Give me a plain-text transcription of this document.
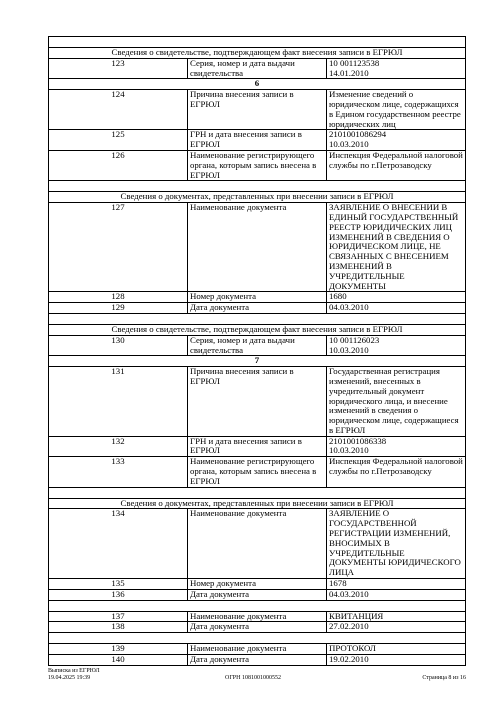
Сведения о свидетельстве, подтверждающем факт внесения записи в ЕГРЮЛ		
123	Серия, номер и дата выдачи свидетельства	10 001123538
14.01.2010
6		
124	Причина внесения записи в ЕГРЮЛ	Изменение сведений о юридическом лице, содержащихся в Едином государственном реестре юридических лиц
125	ГРН и дата внесения записи в ЕГРЮЛ	2101001086294
10.03.2010
126	Наименование регистрирующего органа, которым запись внесена в ЕГРЮЛ	Инспекция Федеральной налоговой службы по г.Петрозаводску

Сведения о документах, представленных при внесении записи в ЕГРЮЛ		
127	Наименование документа	ЗАЯВЛЕНИЕ О ВНЕСЕНИИ В ЕДИНЫЙ ГОСУДАРСТВЕННЫЙ РЕЕСТР ЮРИДИЧЕСКИХ ЛИЦ ИЗМЕНЕНИЙ В СВЕДЕНИЯ О ЮРИДИЧЕСКОМ ЛИЦЕ, НЕ СВЯЗАННЫХ С ВНЕСЕНИЕМ ИЗМЕНЕНИЙ В УЧРЕДИТЕЛЬНЫЕ ДОКУМЕНТЫ
128	Номер документа	1680
129	Дата документа	04.03.2010

Сведения о свидетельстве, подтверждающем факт внесения записи в ЕГРЮЛ		
130	Серия, номер и дата выдачи свидетельства	10 001126023
10.03.2010
7		
131	Причина внесения записи в ЕГРЮЛ	Государственная регистрация изменений, внесенных в учредительный документ юридического лица, и внесение изменений в сведения о юридическом лице, содержащиеся в ЕГРЮЛ
132	ГРН и дата внесения записи в ЕГРЮЛ	2101001086338
10.03.2010
133	Наименование регистрирующего органа, которым запись внесена в ЕГРЮЛ	Инспекция Федеральной налоговой службы по г.Петрозаводску

Сведения о документах, представленных при внесении записи в ЕГРЮЛ		
134	Наименование документа	ЗАЯВЛЕНИЕ О ГОСУДАРСТВЕННОЙ РЕГИСТРАЦИИ ИЗМЕНЕНИЙ, ВНОСИМЫХ В УЧРЕДИТЕЛЬНЫЕ ДОКУМЕНТЫ ЮРИДИЧЕСКОГО ЛИЦА
135	Номер документа	1678
136	Дата документа	04.03.2010

137	Наименование документа	КВИТАНЦИЯ
138	Дата документа	27.02.2010

139	Наименование документа	ПРОТОКОЛ
140	Дата документа	19.02.2010
Выписка из ЕГРЮЛ
19.04.2025 19:39	ОГРН 1081001000552	Страница 8 из 16
